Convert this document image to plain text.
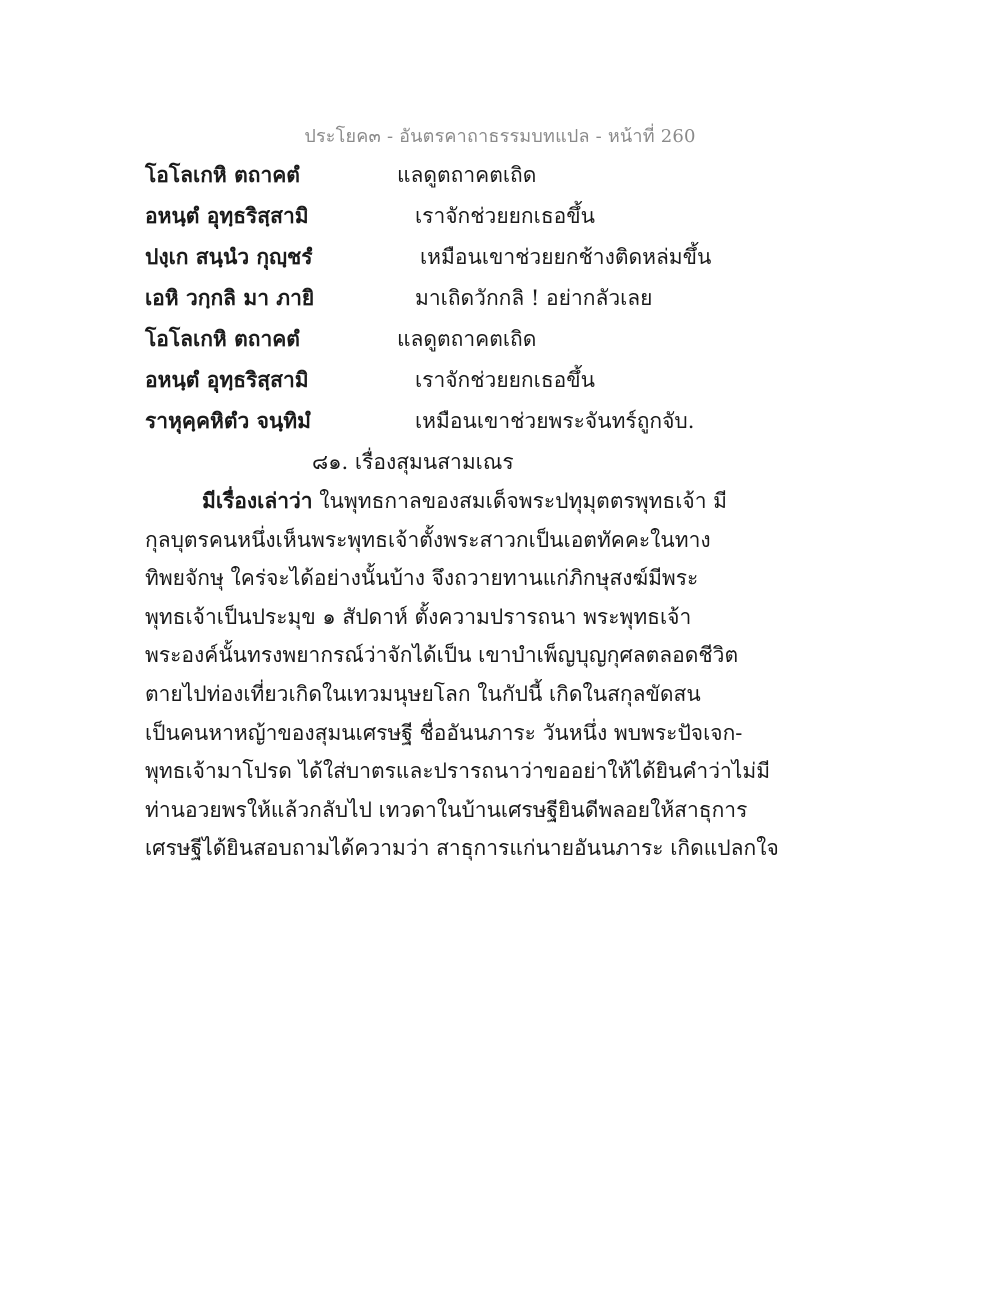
ประโยค๓ - อันตรคาถาธรรมบทแปล - หน้าที่ 260
โอโลเกหิ ตถาคตํ	แลดูตถาคตเถิด
อหนฺตํ อุทฺธริสฺสามิ	เราจักช่วยยกเธอขึ้น
ปงฺเก สนฺนํว กุญฺชรํ	เหมือนเขาช่วยยกช้างติดหล่มขึ้น
เอหิ วกฺกลิ มา ภายิ	มาเถิดวักกลิ ! อย่ากลัวเลย
โอโลเกหิ ตถาคตํ	แลดูตถาคตเถิด
อหนฺตํ อุทฺธริสฺสามิ	เราจักช่วยยกเธอขึ้น
ราหุคฺคหิตํว จนฺทิมํ	เหมือนเขาช่วยพระจันทร์ถูกจับ.
๘๑. เรื่องสุมนสามเณร
มีเรื่องเล่าว่า ในพุทธกาลของสมเด็จพระปทุมุตตรพุทธเจ้า มี
กุลบุตรคนหนึ่งเห็นพระพุทธเจ้าตั้งพระสาวกเป็นเอตทัคคะในทาง
ทิพยจักษุ ใคร่จะได้อย่างนั้นบ้าง จึงถวายทานแก่ภิกษุสงฆ์มีพระ
พุทธเจ้าเป็นประมุข ๑ สัปดาห์ ตั้งความปรารถนา พระพุทธเจ้า
พระองค์นั้นทรงพยากรณ์ว่าจักได้เป็น เขาบำเพ็ญบุญกุศลตลอดชีวิต
ตายไปท่องเที่ยวเกิดในเทวมนุษยโลก ในกัปนี้ เกิดในสกุลขัดสน
เป็นคนหาหญ้าของสุมนเศรษฐี ชื่ออันนภาระ วันหนึ่ง พบพระปัจเจก-
พุทธเจ้ามาโปรด ได้ใส่บาตรและปรารถนาว่าขออย่าให้ได้ยินคำว่าไม่มี
ท่านอวยพรให้แล้วกลับไป เทวดาในบ้านเศรษฐียินดีพลอยให้สาธุการ
เศรษฐีได้ยินสอบถามได้ความว่า สาธุการแก่นายอันนภาระ เกิดแปลกใจ
